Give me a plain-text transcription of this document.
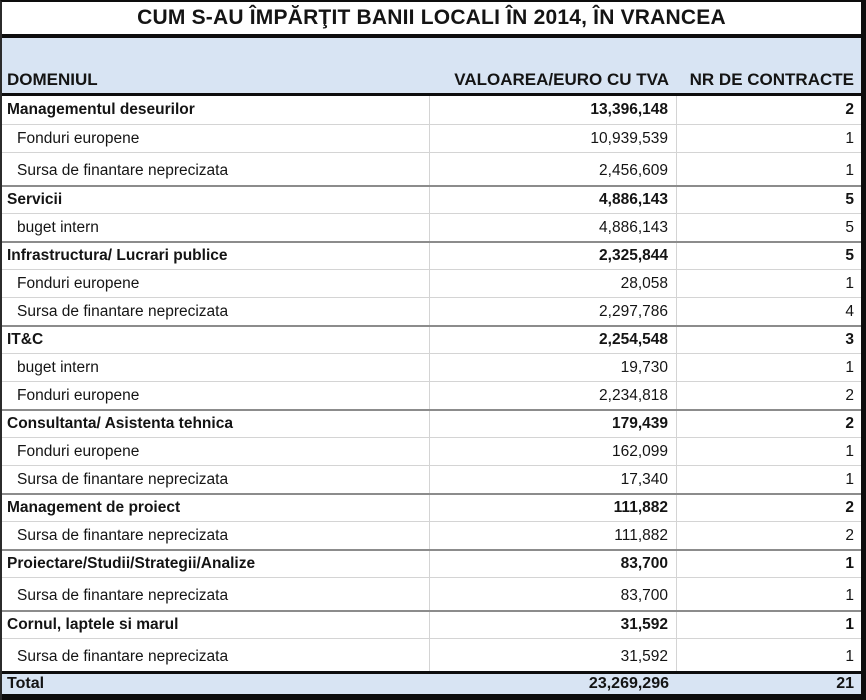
CUM S-AU ÎMPĂRŢIT BANII LOCALI ÎN 2014, ÎN VRANCEA
DOMENIUL	VALOAREA/EURO CU TVA	NR DE CONTRACTE
Managementul deseurilor	13,396,148	2
Fonduri europene	10,939,539	1
Sursa de finantare neprecizata	2,456,609	1
Servicii	4,886,143	5
buget intern	4,886,143	5
Infrastructura/ Lucrari publice	2,325,844	5
Fonduri europene	28,058	1
Sursa de finantare neprecizata	2,297,786	4
IT&C	2,254,548	3
buget intern	19,730	1
Fonduri europene	2,234,818	2
Consultanta/ Asistenta tehnica	179,439	2
Fonduri europene	162,099	1
Sursa de finantare neprecizata	17,340	1
Management de proiect	111,882	2
Sursa de finantare neprecizata	111,882	2
Proiectare/Studii/Strategii/Analize	83,700	1
Sursa de finantare neprecizata	83,700	1
Cornul, laptele si marul	31,592	1
Sursa de finantare neprecizata	31,592	1
Total	23,269,296	21
